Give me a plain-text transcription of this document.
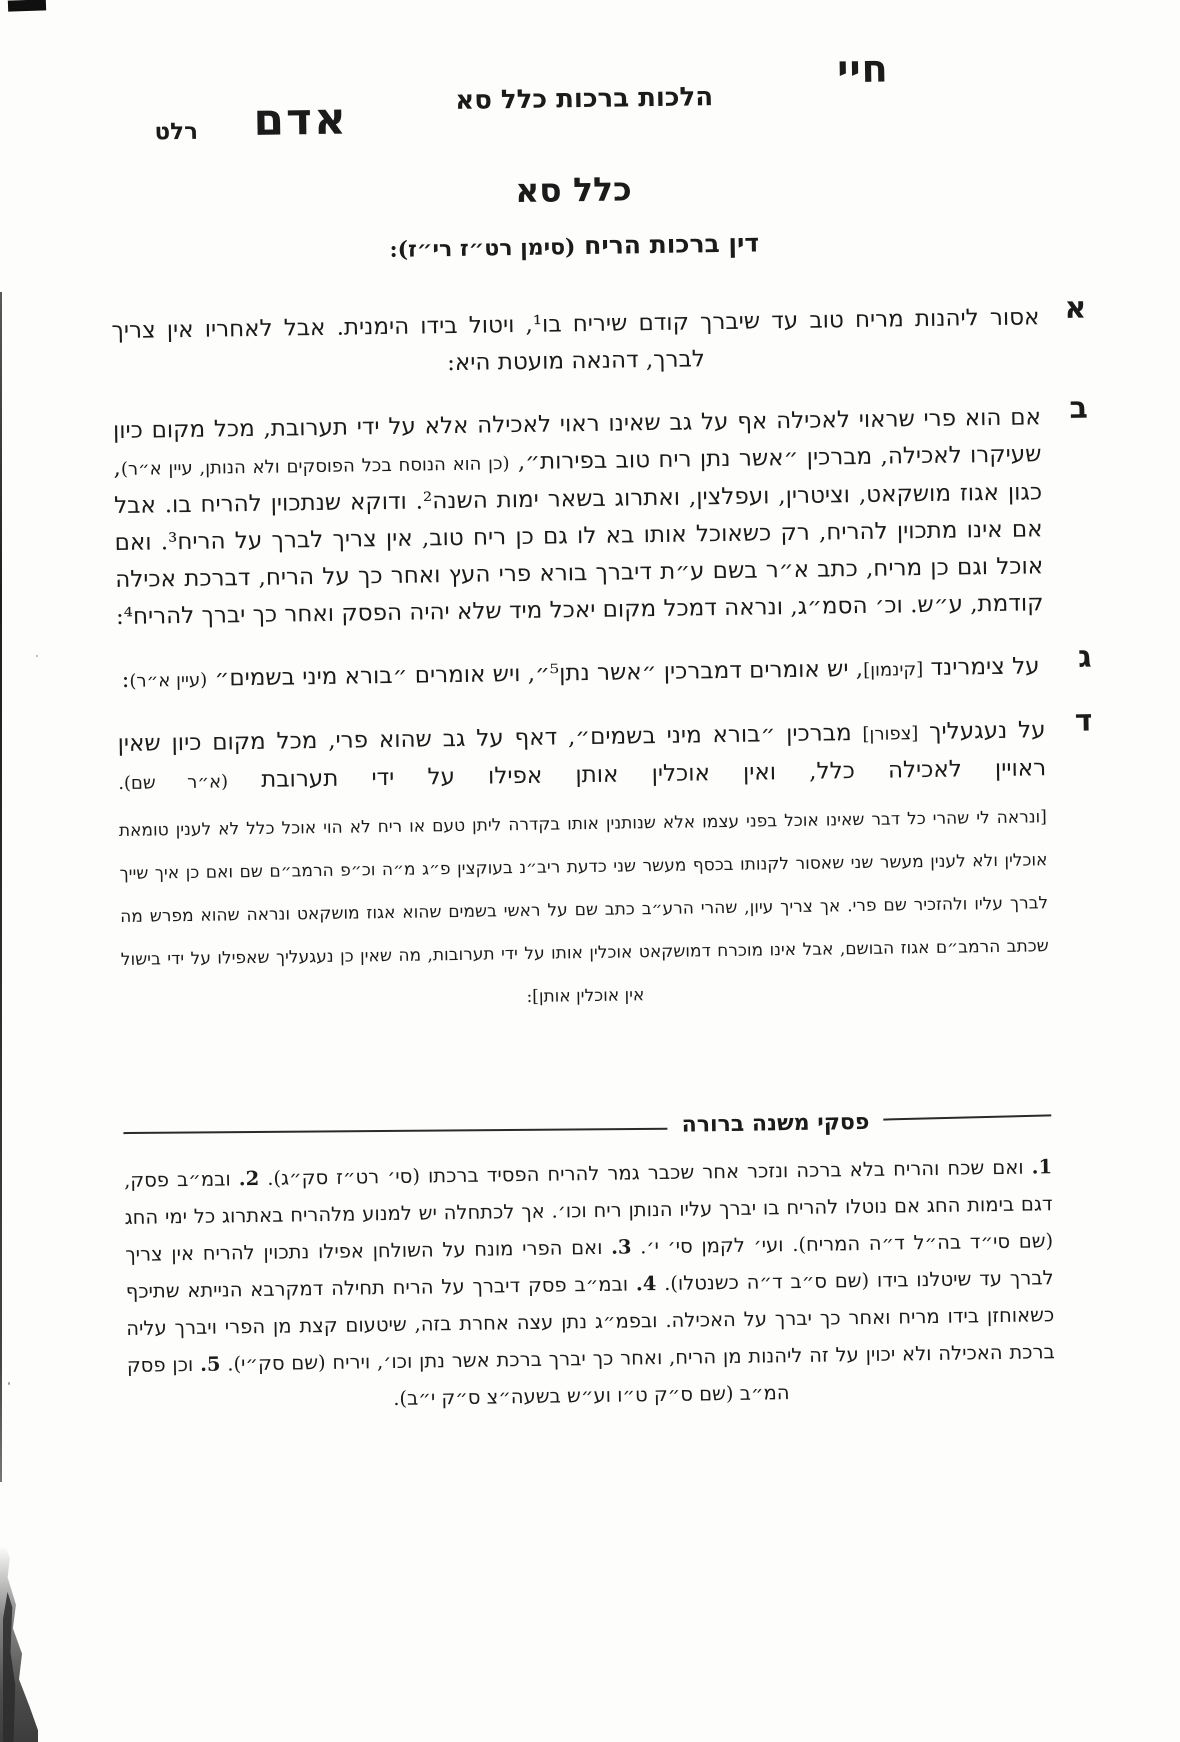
חיי
הלכות ברכות כלל סא
אדם
רלט
כלל סא
דין ברכות הריח (סימן רט״ז רי״ז):
א
אסור ליהנות מריח טוב עד שיברך קודם שיריח בו¹, ויטול בידו הימנית. אבל לאחריו אין צריך לברך, דהנאה מועטת היא:
ב
אם הוא פרי שראוי לאכילה אף על גב שאינו ראוי לאכילה אלא על ידי תערובת, מכל מקום כיון שעיקרו לאכילה, מברכין ״אשר נתן ריח טוב בפירות״, (כן הוא הנוסח בכל הפוסקים ולא הנותן, עיין א״ר), כגון אגוז מושקאט, וציטרין, ועפלצין, ואתרוג בשאר ימות השנה². ודוקא שנתכוין להריח בו. אבל אם אינו מתכוין להריח, רק כשאוכל אותו בא לו גם כן ריח טוב, אין צריך לברך על הריח³. ואם אוכל וגם כן מריח, כתב א״ר בשם ע״ת דיברך בורא פרי העץ ואחר כך על הריח, דברכת אכילה קודמת, ע״ש. וכ׳ הסמ״ג, ונראה דמכל מקום יאכל מיד שלא יהיה הפסק ואחר כך יברך להריח⁴:
ג
על צימרינד [קינמון], יש אומרים דמברכין ״אשר נתן⁵״, ויש אומרים ״בורא מיני בשמים״ (עיין א״ר):
ד
על נעגעליך [צפורן] מברכין ״בורא מיני בשמים״, דאף על גב שהוא פרי, מכל מקום כיון שאין ראויין לאכילה כלל, ואין אוכלין אותן אפילו על ידי תערובת (א״ר שם).
[ונראה לי שהרי כל דבר שאינו אוכל בפני עצמו אלא שנותנין אותו בקדרה ליתן טעם או ריח לא הוי אוכל כלל לא לענין טומאת אוכלין ולא לענין מעשר שני שאסור לקנותו בכסף מעשר שני כדעת ריב״נ בעוקצין פ״ג מ״ה וכ״פ הרמב״ם שם ואם כן איך שייך לברך עליו ולהזכיר שם פרי. אך צריך עיון, שהרי הרע״ב כתב שם על ראשי בשמים שהוא אגוז מושקאט ונראה שהוא מפרש מה שכתב הרמב״ם אגוז הבושם, אבל אינו מוכרח דמושקאט אוכלין אותו על ידי תערובות, מה שאין כן נעגעליך שאפילו על ידי בישול אין אוכלין אותן]:
פסקי משנה ברורה
1. ואם שכח והריח בלא ברכה ונזכר אחר שכבר גמר להריח הפסיד ברכתו (סי׳ רט״ז סק״ג). 2. ובמ״ב פסק, דגם בימות החג אם נוטלו להריח בו יברך עליו הנותן ריח וכו׳. אך לכתחלה יש למנוע מלהריח באתרוג כל ימי החג (שם סי״ד בה״ל ד״ה המריח). ועי׳ לקמן סי׳ י׳. 3. ואם הפרי מונח על השולחן אפילו נתכוין להריח אין צריך לברך עד שיטלנו בידו (שם ס״ב ד״ה כשנטלו). 4. ובמ״ב פסק דיברך על הריח תחילה דמקרבא הנייתא שתיכף כשאוחזן בידו מריח ואחר כך יברך על האכילה. ובפמ״ג נתן עצה אחרת בזה, שיטעום קצת מן הפרי ויברך עליה ברכת האכילה ולא יכוין על זה ליהנות מן הריח, ואחר כך יברך ברכת אשר נתן וכו׳, ויריח (שם סק״י). 5. וכן פסק המ״ב (שם ס״ק ט״ו וע״ש בשעה״צ ס״ק י״ב).
